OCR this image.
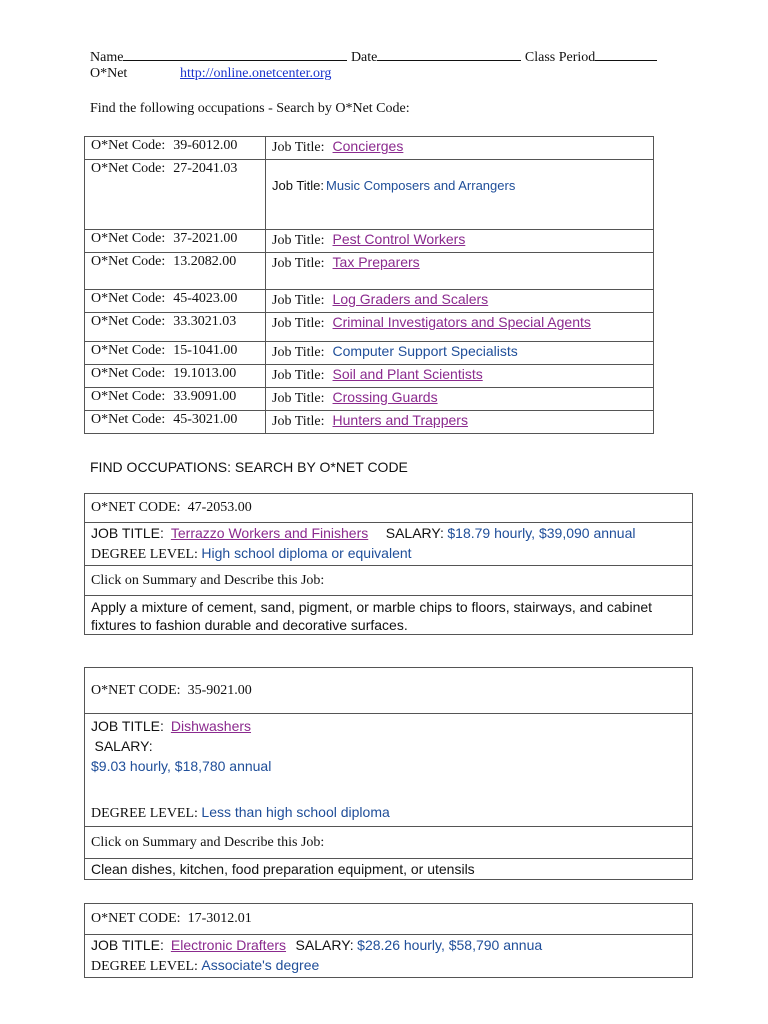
Name	Date	Class Period
O*Net	http://online.onetcenter.org
Find the following occupations - Search by O*Net Code:
O*Net Code: 39-6012.00	Job Title: Concierges
O*Net Code: 27-2041.03	Job Title: Music Composers and Arrangers
O*Net Code: 37-2021.00	Job Title: Pest Control Workers
O*Net Code: 13.2082.00	Job Title: Tax Preparers
O*Net Code: 45-4023.00	Job Title: Log Graders and Scalers
O*Net Code: 33.3021.03	Job Title: Criminal Investigators and Special Agents
O*Net Code: 15-1041.00	Job Title: Computer Support Specialists
O*Net Code: 19.1013.00	Job Title: Soil and Plant Scientists
O*Net Code: 33.9091.00	Job Title: Crossing Guards
O*Net Code: 45-3021.00	Job Title: Hunters and Trappers
FIND OCCUPATIONS: SEARCH BY O*NET CODE
O*NET CODE: 47-2053.00
JOB TITLE: Terrazzo Workers and Finishers SALARY: $18.79 hourly, $39,090 annual
DEGREE LEVEL: High school diploma or equivalent
Click on Summary and Describe this Job:
Apply a mixture of cement, sand, pigment, or marble chips to floors, stairways, and cabinet fixtures to fashion durable and decorative surfaces.
O*NET CODE: 35-9021.00
JOB TITLE: Dishwashers
SALARY:
$9.03 hourly, $18,780 annual

DEGREE LEVEL: Less than high school diploma
Click on Summary and Describe this Job:
Clean dishes, kitchen, food preparation equipment, or utensils
O*NET CODE: 17-3012.01
JOB TITLE: Electronic Drafters SALARY: $28.26 hourly, $58,790 annua
DEGREE LEVEL: Associate's degree
